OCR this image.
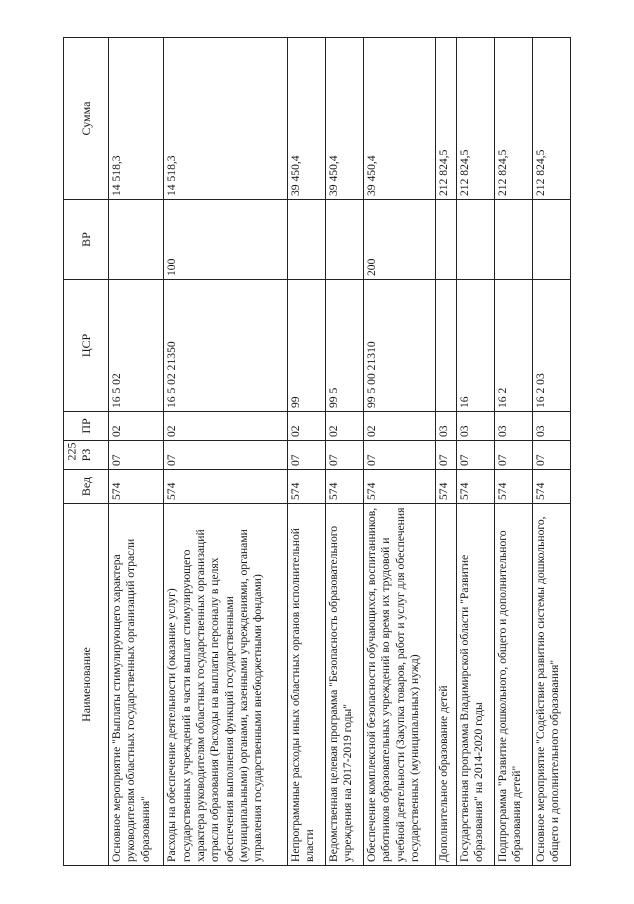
225
Наименование	Вед	РЗ	ПР	ЦСР	ВР	Сумма
Основное мероприятие "Выплаты стимулирующего характера руководителям областных государственных организаций отрасли образования"	574	07	02	16 5 02		14 518,3
Расходы на обеспечение деятельности (оказание услуг) государственных учреждений в части выплат стимулирующего характера руководителям областных государственных организаций отрасли образования (Расходы на выплаты персоналу в целях обеспечения выполнения функций государственными (муниципальными) органами, казенными учреждениями, органами управления государственными внебюджетными фондами)	574	07	02	16 5 02 21350	100	14 518,3
Непрограммные расходы иных областных органов исполнительной власти	574	07	02	99		39 450,4
Ведомственная целевая программа "Безопасность образовательного учреждения на 2017-2019 годы"	574	07	02	99 5		39 450,4
Обеспечение комплексной безопасности обучающихся, воспитанников, работников образовательных учреждений во время их трудовой и учебной деятельности (Закупка товаров, работ и услуг для обеспечения государственных (муниципальных) нужд)	574	07	02	99 5 00 21310	200	39 450,4
Дополнительное образование детей	574	07	03			212 824,5
Государственная программа Владимирской области "Развитие образования" на 2014-2020 годы	574	07	03	16		212 824,5
Подпрограмма "Развитие дошкольного, общего и дополнительного образования детей"	574	07	03	16 2		212 824,5
Основное мероприятие "Содействие развитию системы дошкольного, общего и дополнительного образования"	574	07	03	16 2 03		212 824,5
